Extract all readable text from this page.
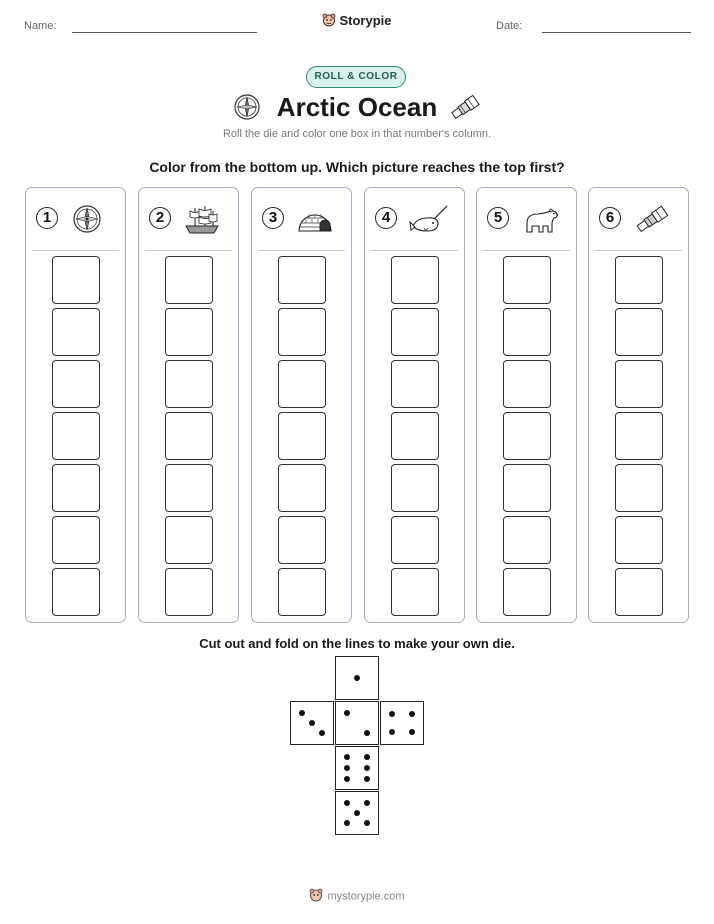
Name:	Storypie	Date:
ROLL & COLOR
Arctic Ocean
Roll the die and color one box in that number's column.
Color from the bottom up. Which picture reaches the top first?
1	2	3	4	5	6
Cut out and fold on the lines to make your own die.
mystorypie.com
